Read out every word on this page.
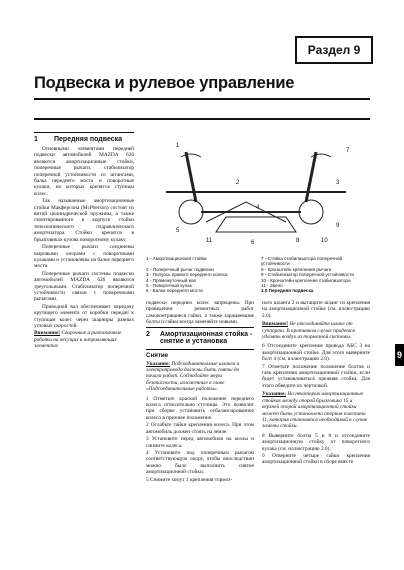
Раздел 9
Подвеска и рулевое управление
9
1 Передняя подвеска

Основными элементами передней подвески автомобилей MAZDA 626 являются амортизационные стойки, поперечные рычаги, стабилизатор поперечной устойчивости со штангами, балка переднего моста и поворотные кулаки, на которых крепятся ступицы колес.

Так называемые амортизационные стойки Макферсона (McPherson) состоят из витой цилиндрической пружины, а также смонтированного в корпусе стойки телескопического гидравлического амортизатора. Стойки крепятся в брызговиках кузова поворотному кулаку.

Поперечные рычаги соединены шаровыми опорами с поворотными кулаками и установлены на балке переднего моста.

Поперечные рычаги системы подвески автомобилей MAZDA 626 являются треугольными. Стабилизатор поперечной устойчивости связан с поперечными рычагами.

Приводной вал обеспечивает передачу крутящего момента от коробки передач к ступицам колес через шарниры равных угловых скоростей.

Внимание! Сварочные и рихтовочные работы на несущих и направляющих элементах
1
2	3
4
5
6
7
8
9
10
11
1 - Амортизационная стойка	7 - Стойка стабилизатора поперечной устойчивости
2 - Поперечный рычаг подвески	8 - Кронштейн крепления рычага
3 - Полуось правого переднего колеса	9 - Стабилизатор поперечной устойчивости
4 - Промежуточный вал	10 - Кронштейн крепления стабилизатора
5 - Поворотный кулак	11 - Звено
6 - Балка переднего моста	1.0 Передняя подвеска

подвески передних колес запрещены. При проведении ремонтных работ самоконтрящиеся гайки, а также заржавевшие болты и гайки всегда заменяйте новыми.

2	Амортизационная стойка - снятие и установка
Снятие
Указание: Подсоединительные шланги и электропровода должны быть сняты до начала работ. Соблюдайте меры безопасности, изложенные в главе «Подсоединительные работы».

1 Отметьте краской положение переднего колеса относительно ступицы. Это позволит при сборке установить отбалансированное колесо в прежнее положение.

2 Ослабьте гайки крепления колеса. При этом автомобиль должен стоять на земле.

3 Установите перед автомобиля на козлы и снимите колеса.

4 Установите под поперечным рычагом соответствующую опору, чтобы впоследствии можно было выполнить снятие амортизационной стойки.

5 Снимите хомут 1 крепления тормоз-

ного шланга 2 и вытащите шланг из крепления на амортизационной стойке (см. иллюстрацию 2.0).

Внимание! Не отсоединяйте шланг от суппорта. В противном случае придется удалять воздух из тормозной системы.

6 Отсоедините крепление провода АБС 3 на амортизационной стойке. Для этого выверните болт 4 (см. иллюстрацию 2.0).

7 Отметьте положение положение болтов и гаек крепления амортизационной стойки, если будет устанавливаться прежняя стойка. Для этого обведите их чертилкой.

Указание: На некоторых амортизационных стойках между опорой брызговика 15 и верхней опорой амортизационной стойки может быть установлена опорная пластина 11, которая становится необходимой в случае замены стойки.

8 Выверните болты 5 и 8 и отсоедините амортизационную стойку от поворотного кулака (см. иллюстрацию 2.0).

9 Отверните четыре гайки крепления амортизационной стойки в сборе вместе
